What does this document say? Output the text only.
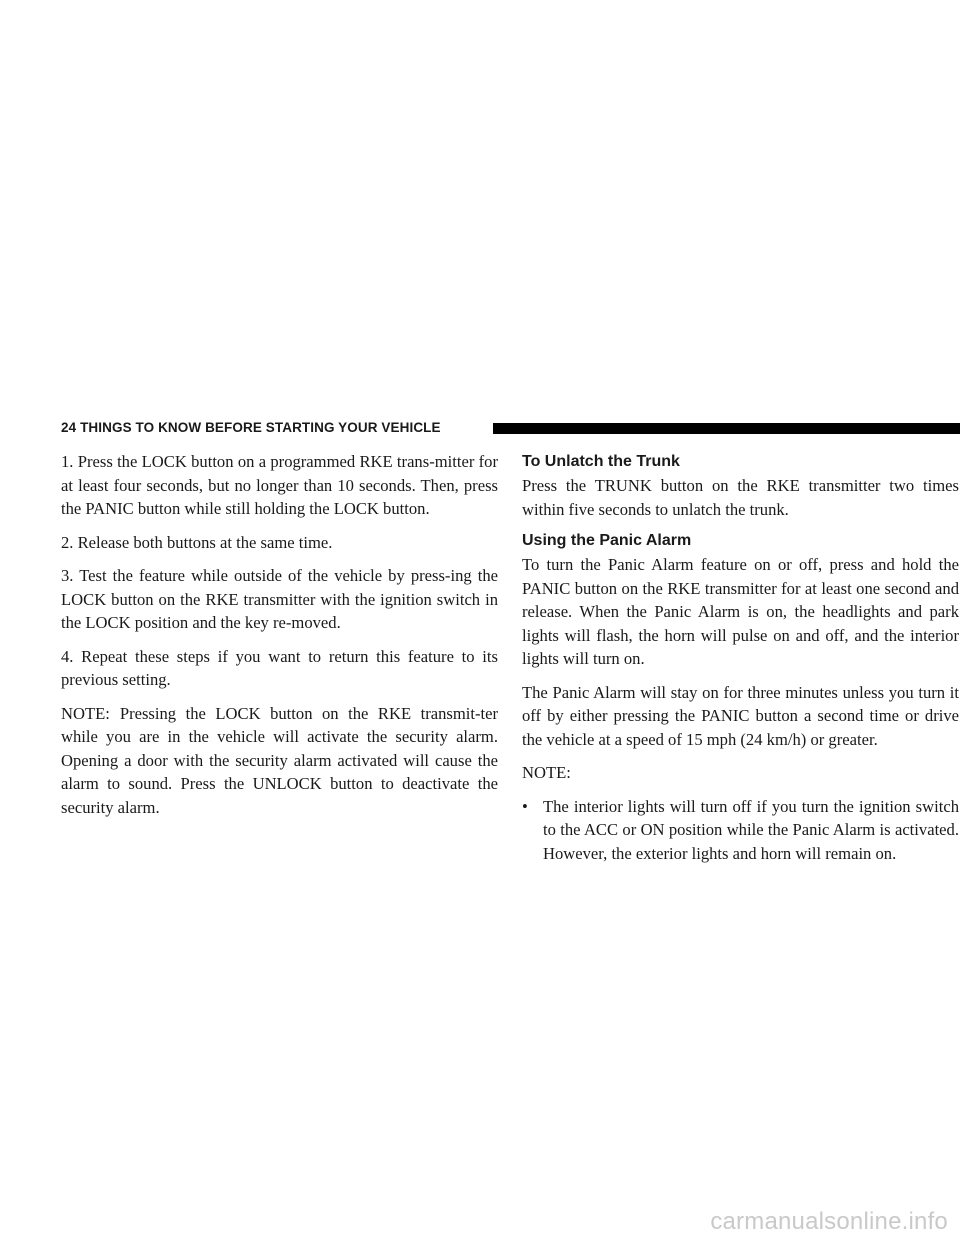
24 THINGS TO KNOW BEFORE STARTING YOUR VEHICLE

1. Press the LOCK button on a programmed RKE trans-mitter for at least four seconds, but no longer than 10 seconds. Then, press the PANIC button while still holding the LOCK button.

2. Release both buttons at the same time.

3. Test the feature while outside of the vehicle by press-ing the LOCK button on the RKE transmitter with the ignition switch in the LOCK position and the key re-moved.

4. Repeat these steps if you want to return this feature to its previous setting.

NOTE: Pressing the LOCK button on the RKE transmit-ter while you are in the vehicle will activate the security alarm. Opening a door with the security alarm activated will cause the alarm to sound. Press the UNLOCK button to deactivate the security alarm.

To Unlatch the Trunk

Press the TRUNK button on the RKE transmitter two times within five seconds to unlatch the trunk.

Using the Panic Alarm

To turn the Panic Alarm feature on or off, press and hold the PANIC button on the RKE transmitter for at least one second and release. When the Panic Alarm is on, the headlights and park lights will flash, the horn will pulse on and off, and the interior lights will turn on.

The Panic Alarm will stay on for three minutes unless you turn it off by either pressing the PANIC button a second time or drive the vehicle at a speed of 15 mph (24 km/h) or greater.

NOTE:

• The interior lights will turn off if you turn the ignition switch to the ACC or ON position while the Panic Alarm is activated. However, the exterior lights and horn will remain on.
carmanualsonline.info
